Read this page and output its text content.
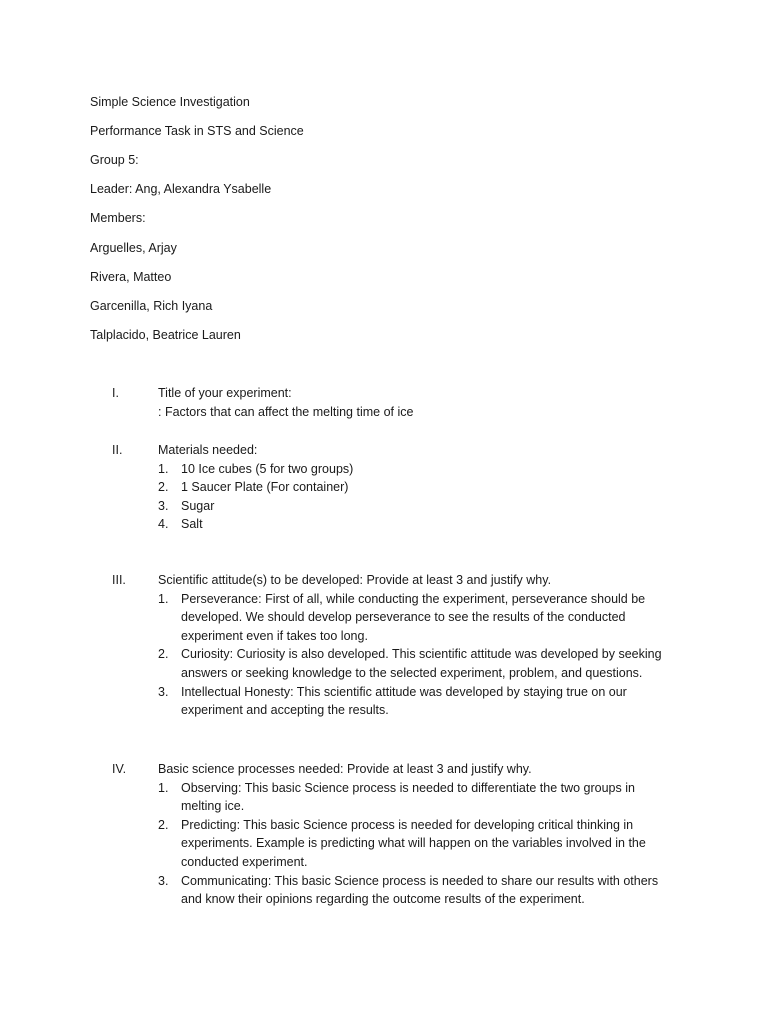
Simple Science Investigation
Performance Task in STS and Science
Group 5:
Leader: Ang, Alexandra Ysabelle
Members:
Arguelles, Arjay
Rivera, Matteo
Garcenilla, Rich Iyana
Talplacido, Beatrice Lauren
I.	Title of your experiment:
: Factors that can affect the melting time of ice
II.	Materials needed:
1.	10 Ice cubes (5 for two groups)
2.	1 Saucer Plate (For container)
3.	Sugar
4.	Salt
III.	Scientific attitude(s) to be developed: Provide at least 3 and justify why.
1.	Perseverance: First of all, while conducting the experiment, perseverance should be developed. We should develop perseverance to see the results of the conducted experiment even if takes too long.
2.	Curiosity: Curiosity is also developed. This scientific attitude was developed by seeking answers or seeking knowledge to the selected experiment, problem, and questions.
3.	Intellectual Honesty: This scientific attitude was developed by staying true on our experiment and accepting the results.
IV.	Basic science processes needed: Provide at least 3 and justify why.
1.	Observing: This basic Science process is needed to differentiate the two groups in melting ice.
2.	Predicting: This basic Science process is needed for developing critical thinking in experiments. Example is predicting what will happen on the variables involved in the conducted experiment.
3.	Communicating: This basic Science process is needed to share our results with others and know their opinions regarding the outcome results of the experiment.
